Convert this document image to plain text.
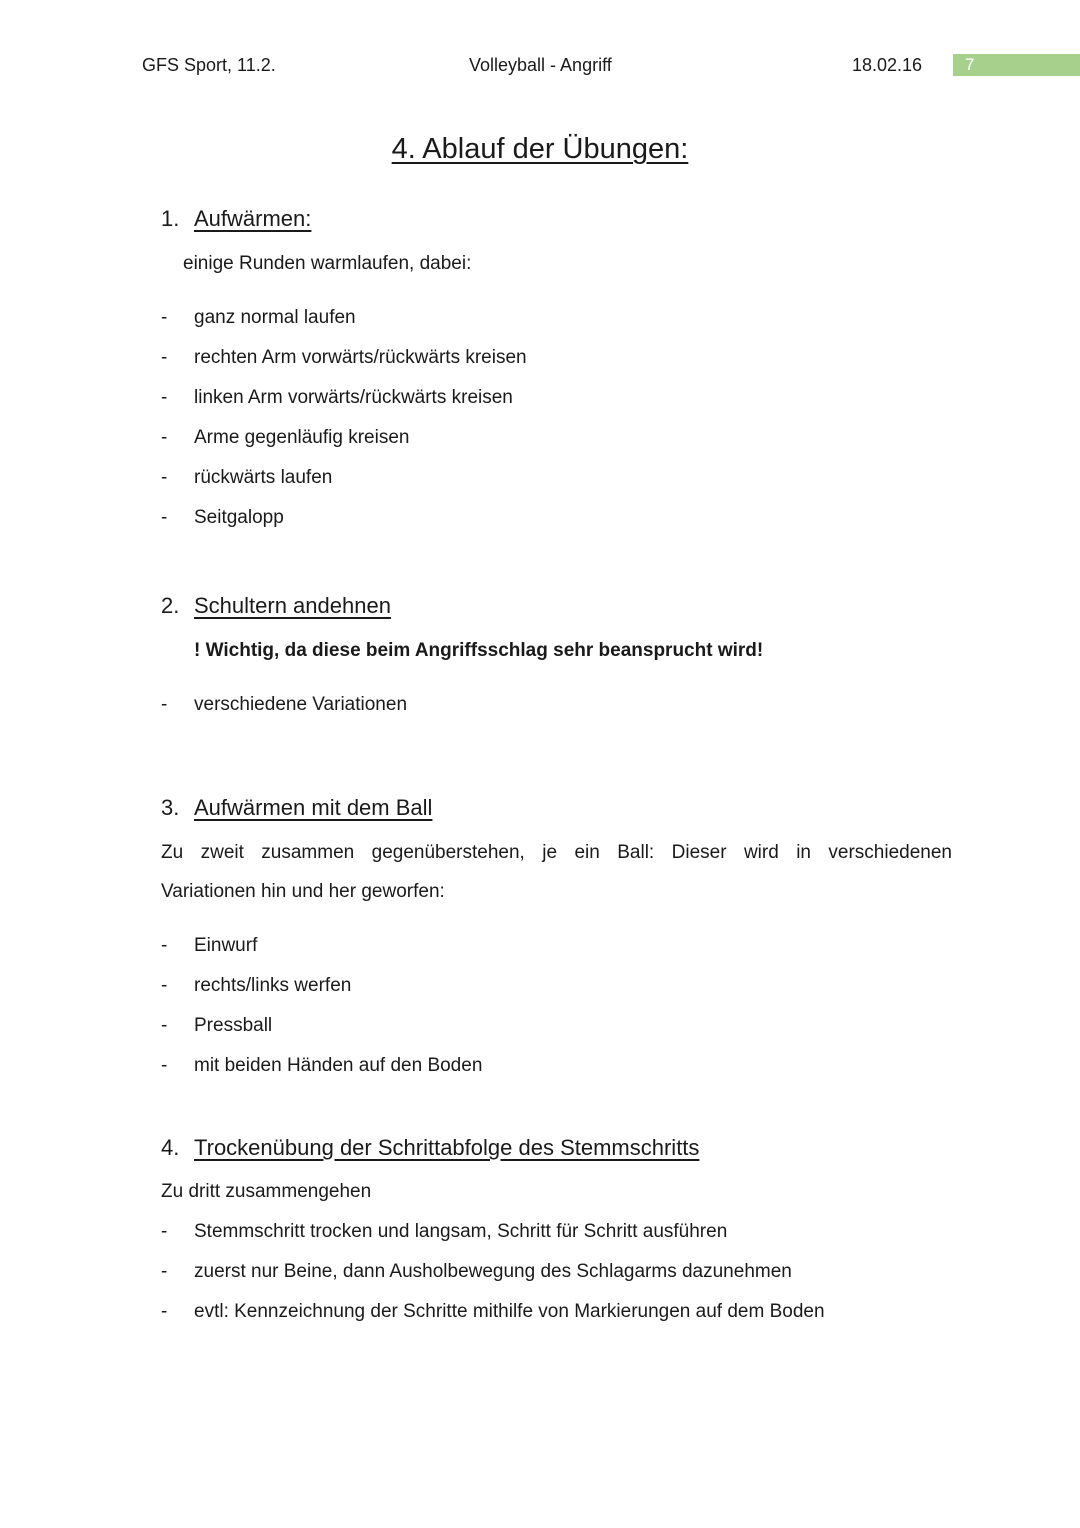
GFS Sport, 11.2.	Volleyball - Angriff	18.02.16	7
4. Ablauf der Übungen:
1. Aufwärmen:
einige Runden warmlaufen, dabei:
- ganz normal laufen
- rechten Arm vorwärts/rückwärts kreisen
- linken Arm vorwärts/rückwärts kreisen
- Arme gegenläufig kreisen
- rückwärts laufen
- Seitgalopp
2. Schultern andehnen
! Wichtig, da diese beim Angriffsschlag sehr beansprucht wird!
- verschiedene Variationen
3. Aufwärmen mit dem Ball
Zu zweit zusammen gegenüberstehen, je ein Ball: Dieser wird in verschiedenen
Variationen hin und her geworfen:
- Einwurf
- rechts/links werfen
- Pressball
- mit beiden Händen auf den Boden
4. Trockenübung der Schrittabfolge des Stemmschritts
Zu dritt zusammengehen
- Stemmschritt trocken und langsam, Schritt für Schritt ausführen
- zuerst nur Beine, dann Ausholbewegung des Schlagarms dazunehmen
- evtl: Kennzeichnung der Schritte mithilfe von Markierungen auf dem Boden
